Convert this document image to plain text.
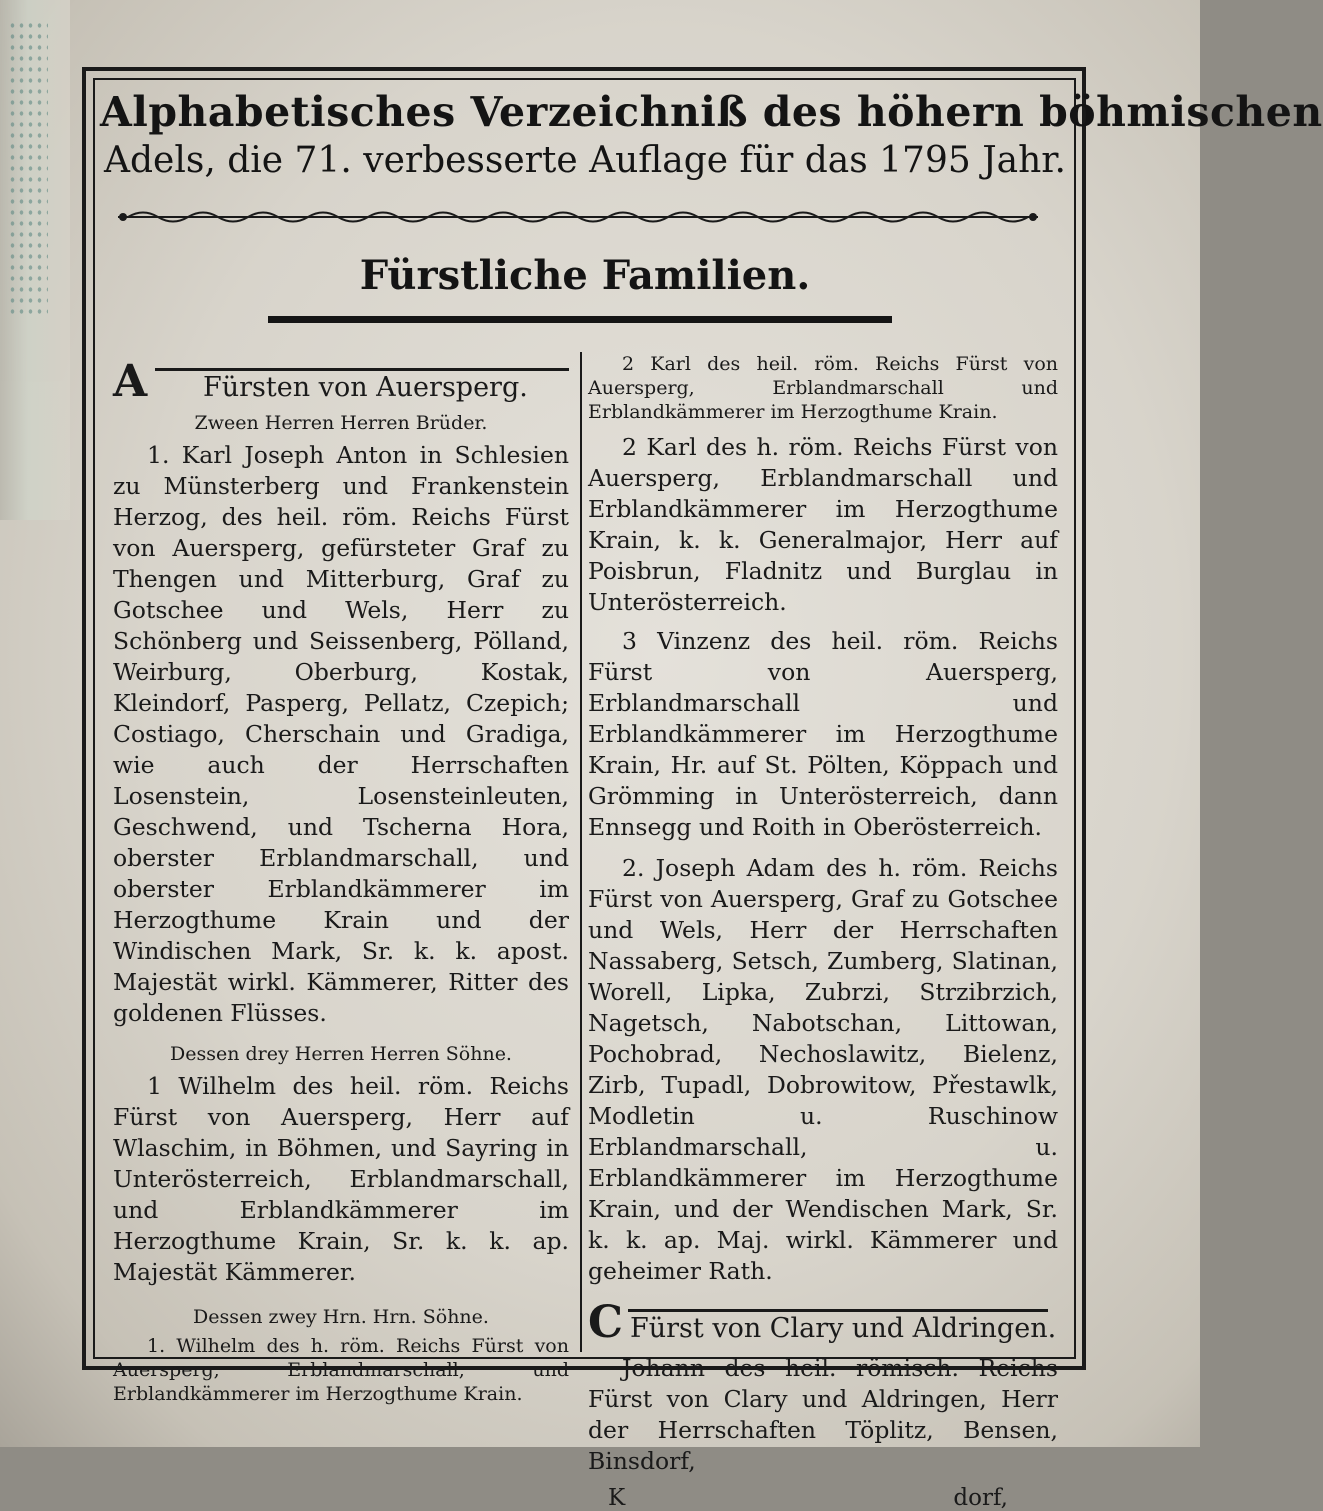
Alphabetisches Verzeichniß des höhern böhmischen
Adels, die 71. verbesserte Auflage für das 1795 Jahr.
Fürstliche Familien.
A Fürsten von Auersperg.
Zween Herren Herren Brüder.

1. Karl Joseph Anton in Schlesien zu Münsterberg und Frankenstein Herzog, des heil. röm. Reichs Fürst von Auersperg, gefürsteter Graf zu Thengen und Mitterburg, Graf zu Gotschee und Wels, Herr zu Schönberg und Seissenberg, Pölland, Weirburg, Oberburg, Kostak, Kleindorf, Pasperg, Pellatz, Czepich; Costiago, Cherschain und Gradiga, wie auch der Herrschaften Losenstein, Losensteinleuten, Geschwend, und Tscherna Hora, oberster Erblandmarschall, und oberster Erblandkämmerer im Herzogthume Krain und der Windischen Mark, Sr. k. k. apost. Majestät wirkl. Kämmerer, Ritter des goldenen Flüsses.

Dessen drey Herren Herren Söhne.

1 Wilhelm des heil. röm. Reichs Fürst von Auersperg, Herr auf Wlaschim, in Böhmen, und Sayring in Unterösterreich, Erblandmarschall, und Erblandkämmerer im Herzogthume Krain, Sr. k. k. ap. Majestät Kämmerer.

Dessen zwey Hrn. Hrn. Söhne.

1. Wilhelm des h. röm. Reichs Fürst von Auersperg, Erblandmarschall, und Erblandkämmerer im Herzogthume Krain.

2 Karl des heil. röm. Reichs Fürst von Auersperg, Erblandmarschall und Erblandkämmerer im Herzogthume Krain.

2 Karl des h. röm. Reichs Fürst von Auersperg, Erblandmarschall und Erblandkämmerer im Herzogthume Krain, k. k. Generalmajor, Herr auf Poisbrun, Fladnitz und Burglau in Unterösterreich.

3 Vinzenz des heil. röm. Reichs Fürst von Auersperg, Erblandmarschall und Erblandkämmerer im Herzogthume Krain, Hr. auf St. Pölten, Köppach und Grömming in Unterösterreich, dann Ennsegg und Roith in Oberösterreich.

2. Joseph Adam des h. röm. Reichs Fürst von Auersperg, Graf zu Gotschee und Wels, Herr der Herrschaften Nassaberg, Setsch, Zumberg, Slatinan, Worell, Lipka, Zubrzi, Strzibrzich, Nagetsch, Nabotschan, Littowan, Pochobrad, Nechoslawitz, Bielenz, Zirb, Tupadl, Dobrowitow, Přestawlk, Modletin u. Ruschinow Erblandmarschall, u. Erblandkämmerer im Herzogthume Krain, und der Wendischen Mark, Sr. k. k. ap. Maj. wirkl. Kämmerer und geheimer Rath.

C Fürst von Clary und Aldringen.

Johann des heil. römisch. Reichs Fürst von Clary und Aldringen, Herr der Herrschaften Töplitz, Bensen, Binsdorf,

K	dorf,
